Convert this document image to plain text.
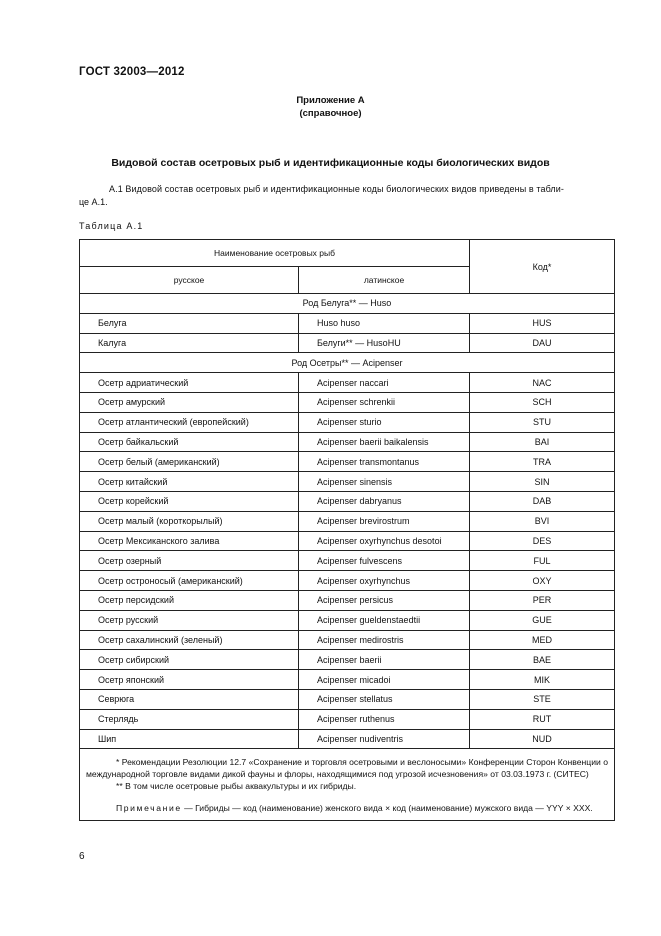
ГОСТ 32003—2012
Приложение А
(справочное)
Видовой состав осетровых рыб и идентификационные коды биологических видов
А.1 Видовой состав осетровых рыб и идентификационные коды биологических видов приведены в табли-
це А.1.
Таблица А.1
Наименование осетровых рыб		Код*
русское	латинское	
Род Белуга** — Huso		
Белуга	Huso huso	HUS
Калуга	Белуги** — HusoHU	DAU
Род Осетры** — Acipenser		
Осетр адриатический	Acipenser naccari	NAC
Осетр амурский	Acipenser schrenkii	SCH
Осетр атлантический (европейский)	Acipenser sturio	STU
Осетр байкальский	Acipenser baerii baikalensis	BAI
Осетр белый (американский)	Acipenser transmontanus	TRA
Осетр китайский	Acipenser sinensis	SIN
Осетр корейский	Acipenser dabryanus	DAB
Осетр малый (короткорылый)	Acipenser brevirostrum	BVI
Осетр Мексиканского залива	Acipenser oxyrhynchus desotoi	DES
Осетр озерный	Acipenser fulvescens	FUL
Осетр остроносый (американский)	Acipenser oxyrhynchus	OXY
Осетр персидский	Acipenser persicus	PER
Осетр русский	Acipenser gueldenstaedtii	GUE
Осетр сахалинский (зеленый)	Acipenser medirostris	MED
Осетр сибирский	Acipenser baerii	BAE
Осетр японский	Acipenser micadoi	MIK
Севрюга	Acipenser stellatus	STE
Стерлядь	Acipenser ruthenus	RUT
Шип	Acipenser nudiventris	NUD

* Рекомендации Резолюции 12.7 «Сохранение и торговля осетровыми и веслоносыми» Конференции Сторон Конвенции о международной торговле видами дикой фауны и флоры, находящимися под угрозой исчезновения» от 03.03.1973 г. (СИТЕС)

** В том числе осетровые рыбы аквакультуры и их гибриды.

Примечание — Гибриды — код (наименование) женского вида × код (наименование) мужского вида — YYY × XXX.		

6
